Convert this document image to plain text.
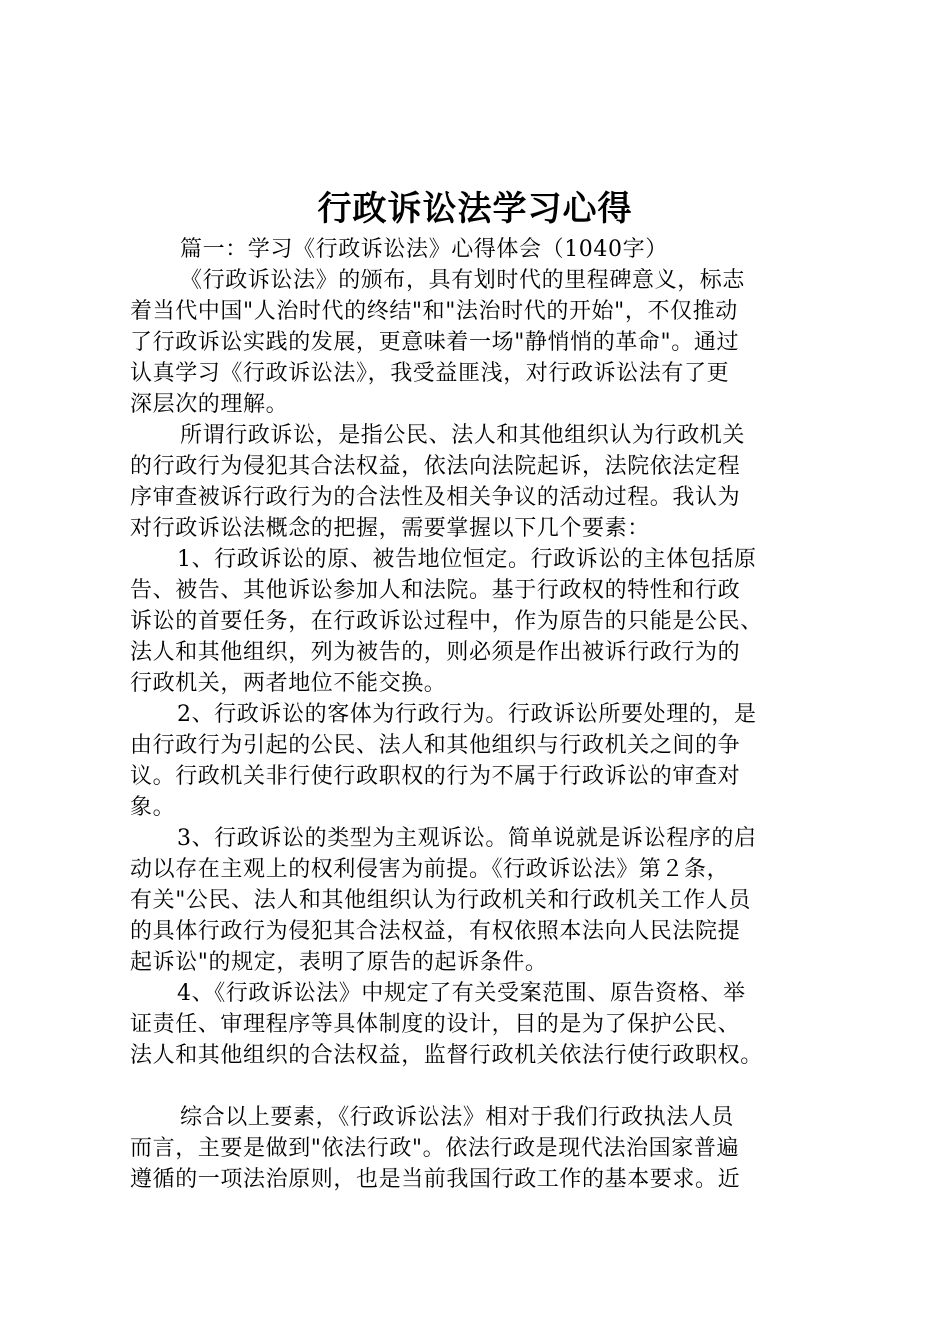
行政诉讼法学习心得
篇一：学习《行政诉讼法》心得体会（1040字）
《行政诉讼法》的颁布，具有划时代的里程碑意义，标志
着当代中国"人治时代的终结"和"法治时代的开始"，不仅推动
了行政诉讼实践的发展，更意味着一场"静悄悄的革命"。通过
认真学习《行政诉讼法》，我受益匪浅，对行政诉讼法有了更
深层次的理解。
所谓行政诉讼，是指公民、法人和其他组织认为行政机关
的行政行为侵犯其合法权益，依法向法院起诉，法院依法定程
序审查被诉行政行为的合法性及相关争议的活动过程。我认为
对行政诉讼法概念的把握，需要掌握以下几个要素：
1、行政诉讼的原、被告地位恒定。行政诉讼的主体包括原
告、被告、其他诉讼参加人和法院。基于行政权的特性和行政
诉讼的首要任务，在行政诉讼过程中，作为原告的只能是公民、
法人和其他组织，列为被告的，则必须是作出被诉行政行为的
行政机关，两者地位不能交换。
2、行政诉讼的客体为行政行为。行政诉讼所要处理的，是
由行政行为引起的公民、法人和其他组织与行政机关之间的争
议。行政机关非行使行政职权的行为不属于行政诉讼的审查对
象。
3、行政诉讼的类型为主观诉讼。简单说就是诉讼程序的启
动以存在主观上的权利侵害为前提。《行政诉讼法》第２条，
有关"公民、法人和其他组织认为行政机关和行政机关工作人员
的具体行政行为侵犯其合法权益，有权依照本法向人民法院提
起诉讼"的规定，表明了原告的起诉条件。
4、《行政诉讼法》中规定了有关受案范围、原告资格、举
证责任、审理程序等具体制度的设计，目的是为了保护公民、
法人和其他组织的合法权益，监督行政机关依法行使行政职权。
综合以上要素，《行政诉讼法》相对于我们行政执法人员
而言，主要是做到"依法行政"。依法行政是现代法治国家普遍
遵循的一项法治原则，也是当前我国行政工作的基本要求。近
